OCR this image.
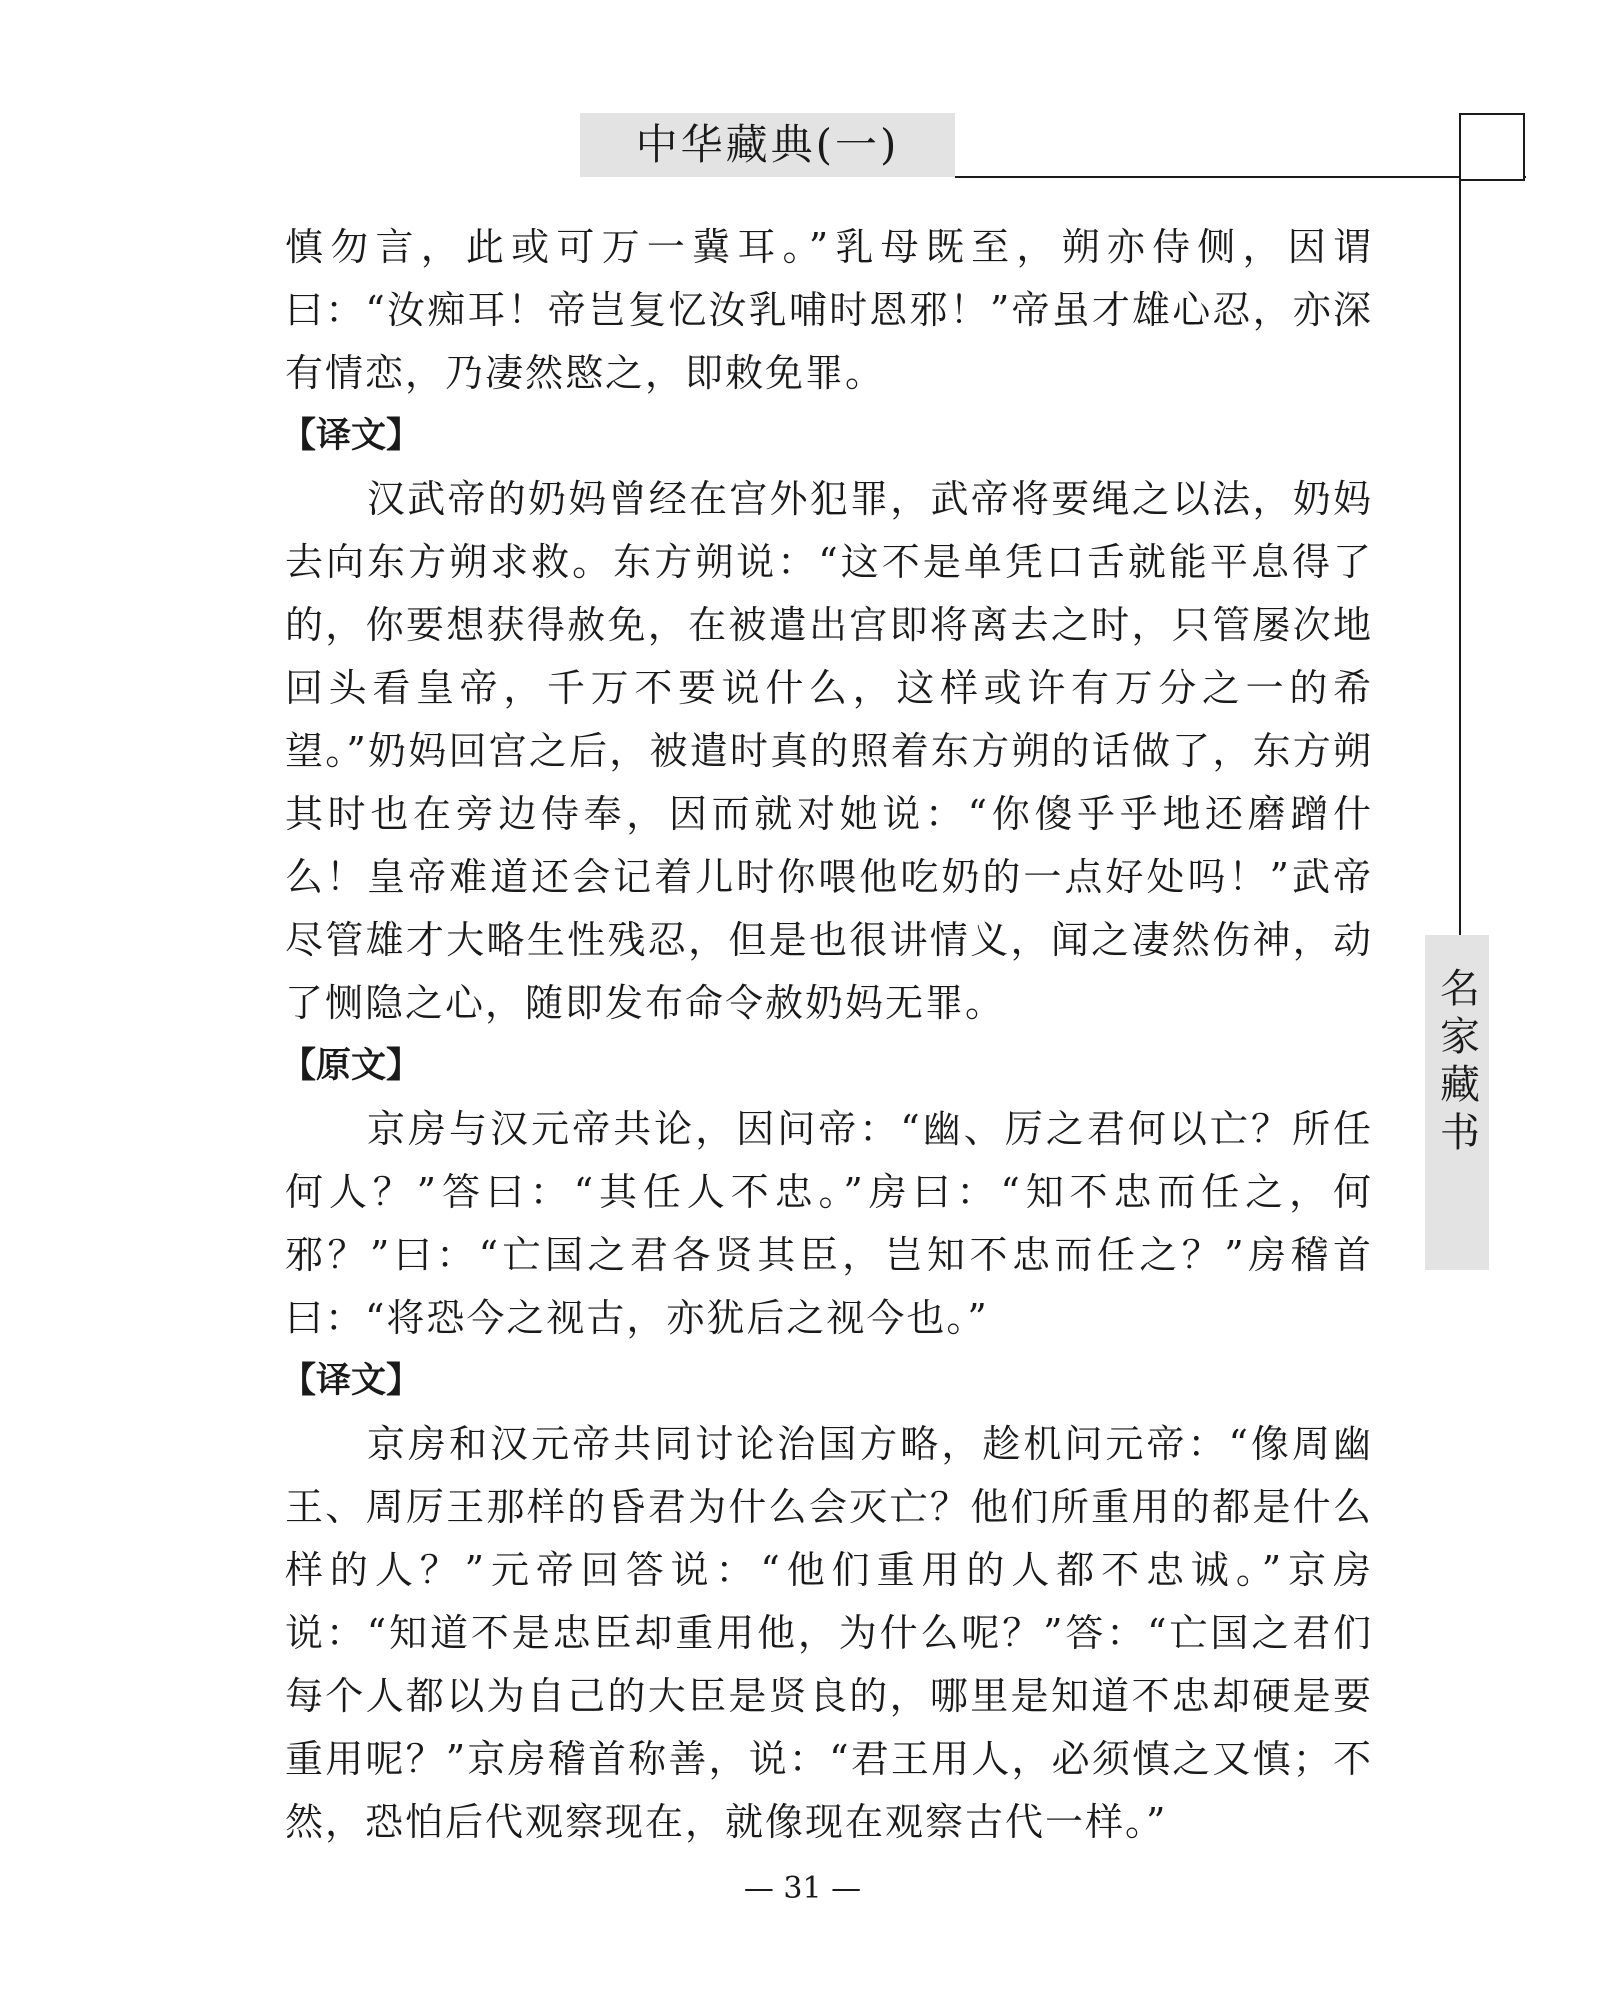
中华藏典(一)
名家藏书

慎勿言，此或可万一冀耳。”乳母既至，朔亦侍侧，因谓曰：“汝痴耳！帝岂复忆汝乳哺时恩邪！”帝虽才雄心忍，亦深有情恋，乃凄然愍之，即敕免罪。

【译文】

汉武帝的奶妈曾经在宫外犯罪，武帝将要绳之以法，奶妈去向东方朔求救。东方朔说：“这不是单凭口舌就能平息得了的，你要想获得赦免，在被遣出宫即将离去之时，只管屡次地回头看皇帝，千万不要说什么，这样或许有万分之一的希望。”奶妈回宫之后，被遣时真的照着东方朔的话做了，东方朔其时也在旁边侍奉，因而就对她说：“你傻乎乎地还磨蹭什么！皇帝难道还会记着儿时你喂他吃奶的一点好处吗！”武帝尽管雄才大略生性残忍，但是也很讲情义，闻之凄然伤神，动了恻隐之心，随即发布命令赦奶妈无罪。

【原文】

京房与汉元帝共论，因问帝：“幽、厉之君何以亡？所任何人？”答曰：“其任人不忠。”房曰：“知不忠而任之，何邪？”曰：“亡国之君各贤其臣，岂知不忠而任之？”房稽首曰：“将恐今之视古，亦犹后之视今也。”

【译文】

京房和汉元帝共同讨论治国方略，趁机问元帝：“像周幽王、周厉王那样的昏君为什么会灭亡？他们所重用的都是什么样的人？”元帝回答说：“他们重用的人都不忠诚。”京房说：“知道不是忠臣却重用他，为什么呢？”答：“亡国之君们每个人都以为自己的大臣是贤良的，哪里是知道不忠却硬是要重用呢？”京房稽首称善，说：“君王用人，必须慎之又慎；不然，恐怕后代观察现在，就像现在观察古代一样。”

— 31 —
